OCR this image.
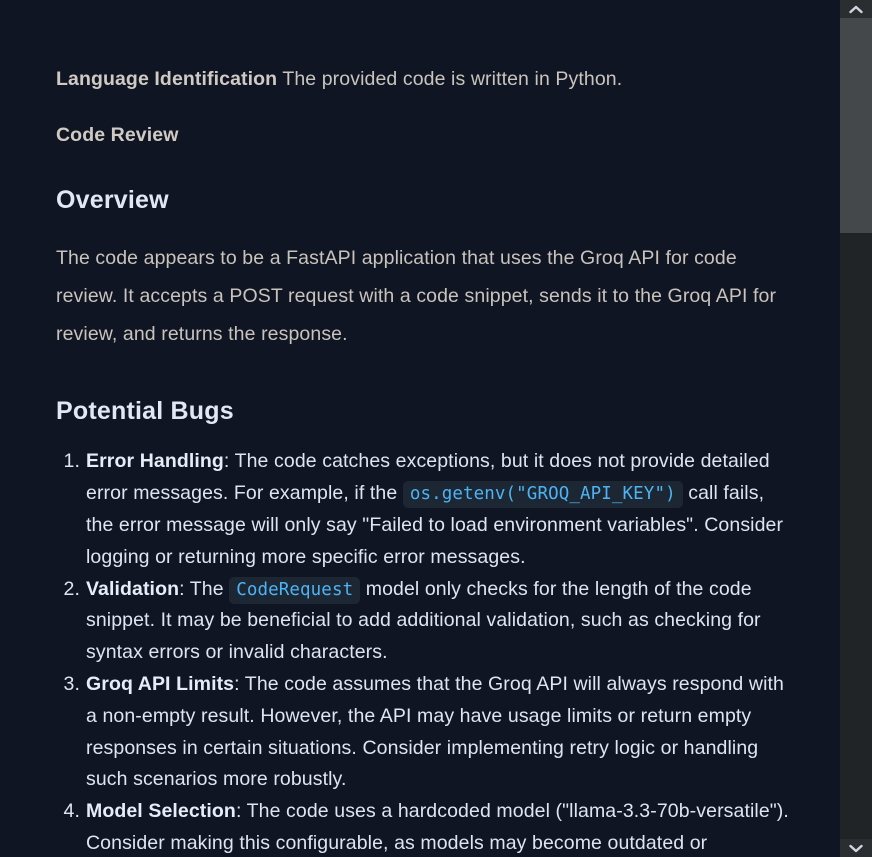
Language Identification The provided code is written in Python.

Code Review

Overview

The code appears to be a FastAPI application that uses the Groq API for code review. It accepts a POST request with a code snippet, sends it to the Groq API for review, and returns the response.

Potential Bugs
Error Handling: The code catches exceptions, but it does not provide detailed error messages. For example, if the os.getenv("GROQ_API_KEY") call fails, the error message will only say "Failed to load environment variables". Consider logging or returning more specific error messages.
Validation: The CodeRequest model only checks for the length of the code snippet. It may be beneficial to add additional validation, such as checking for syntax errors or invalid characters.
Groq API Limits: The code assumes that the Groq API will always respond with a non-empty result. However, the API may have usage limits or return empty responses in certain situations. Consider implementing retry logic or handling such scenarios more robustly.
Model Selection: The code uses a hardcoded model ("llama-3.3-70b-versatile"). Consider making this configurable, as models may become outdated or
